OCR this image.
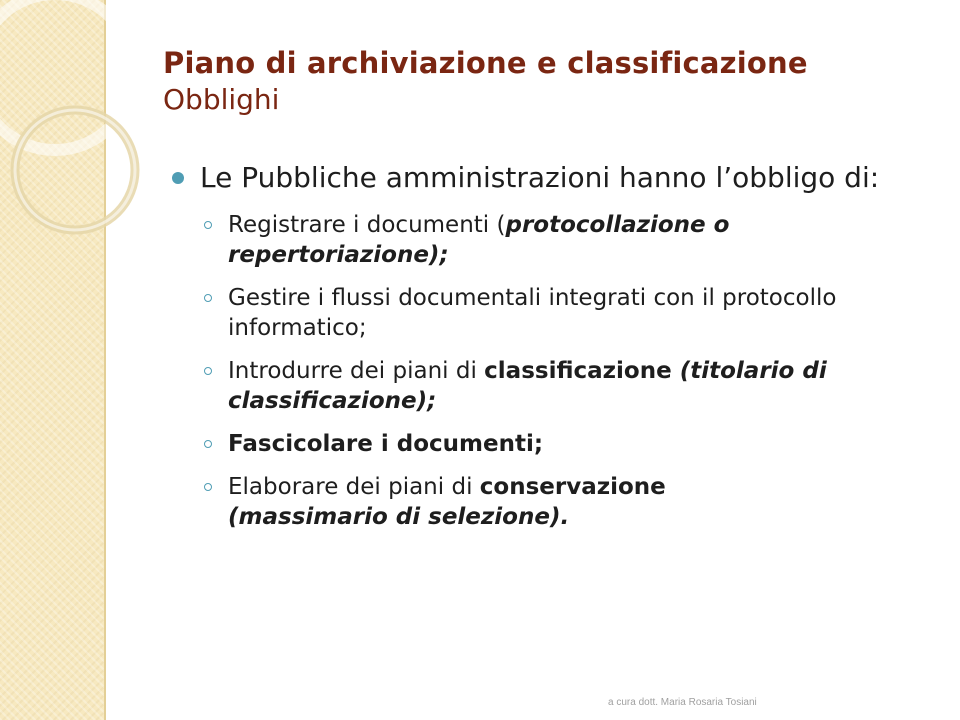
Piano di archiviazione e classificazione
Obblighi
Le Pubbliche amministrazioni hanno l’obbligo di:
Registrare i documenti (protocollazione o repertoriazione);
Gestire i flussi documentali integrati con il protocollo informatico;
Introdurre dei piani di classificazione (titolario di classificazione);
Fascicolare i documenti;
Elaborare dei piani di conservazione
(massimario di selezione).
a cura dott. Maria Rosaria Tosiani
